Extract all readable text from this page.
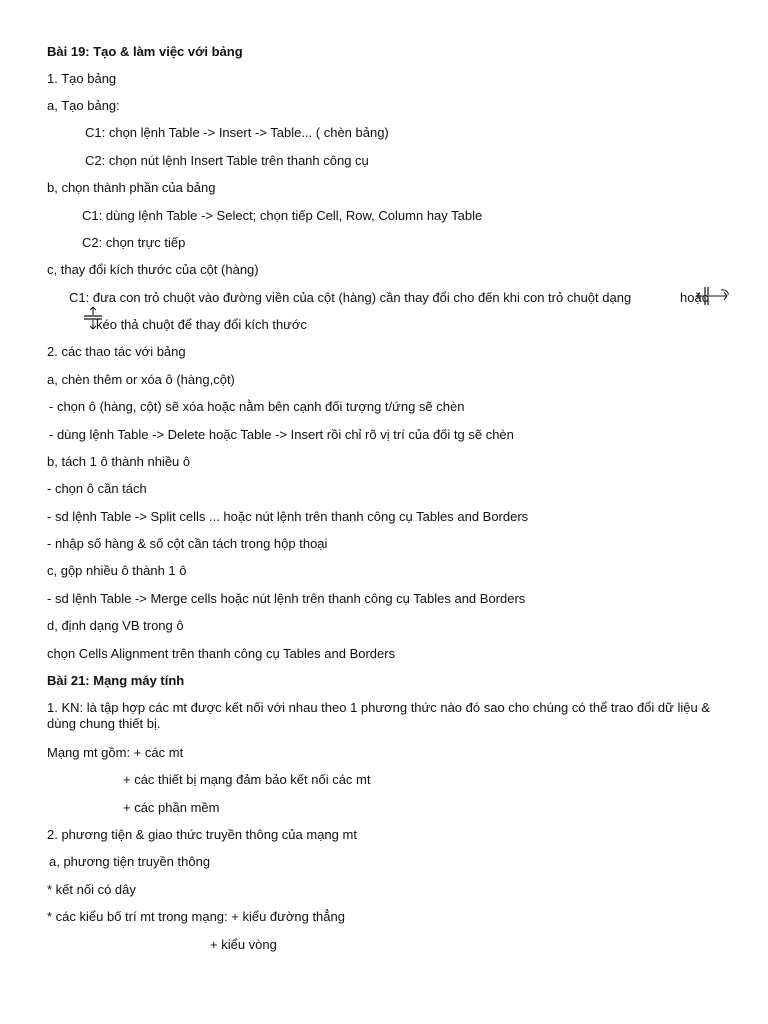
Bài 19: Tạo & làm việc với bảng
1. Tạo bảng
a, Tạo bảng:
C1: chọn lệnh Table -> Insert -> Table... ( chèn bảng)
C2: chọn nút lệnh Insert Table trên thanh công cụ
b, chọn thành phần của bảng
C1: dùng lệnh Table -> Select; chọn tiếp Cell, Row, Column hay Table
C2: chọn trực tiếp
c, thay đổi kích thước của cột (hàng)
C1: đưa con trỏ chuột vào đường viền của cột (hàng) cần thay đổi cho đến khi con trỏ chuột dạng	hoặc
kéo thả chuột để thay đổi kích thước
2. các thao tác với bảng
a, chèn thêm or xóa ô (hàng,cột)
- chọn ô (hàng, cột) sẽ xóa hoặc nằm bên cạnh đối tượng t/ứng sẽ chèn
- dùng lệnh Table -> Delete hoặc Table -> Insert rồi chỉ rõ vị trí của đối tg sẽ chèn
b, tách 1 ô thành nhiều ô
- chọn ô cần tách
- sd lệnh Table -> Split cells ... hoặc nút lệnh trên thanh công cụ Tables and Borders
- nhập số hàng & số cột cần tách trong hộp thoại
c, gộp nhiều ô thành 1 ô
- sd lệnh Table -> Merge cells hoặc nút lệnh trên thanh công cụ Tables and Borders
d, định dạng VB trong ô
chọn Cells Alignment trên thanh công cụ Tables and Borders
Bài 21: Mạng máy tính
1. KN: là tập hợp các mt được kết nối với nhau theo 1 phương thức nào đó sao cho chúng có thể trao đổi dữ liệu & dùng chung thiết bị.
Mạng mt gồm: + các mt
+ các thiết bị mạng đảm bảo kết nối các mt
+ các phần mềm
2. phương tiện & giao thức truyền thông của mạng mt
a, phương tiện truyền thông
* kết nối có dây
* các kiểu bố trí mt trong mạng: + kiểu đường thẳng
+ kiểu vòng
